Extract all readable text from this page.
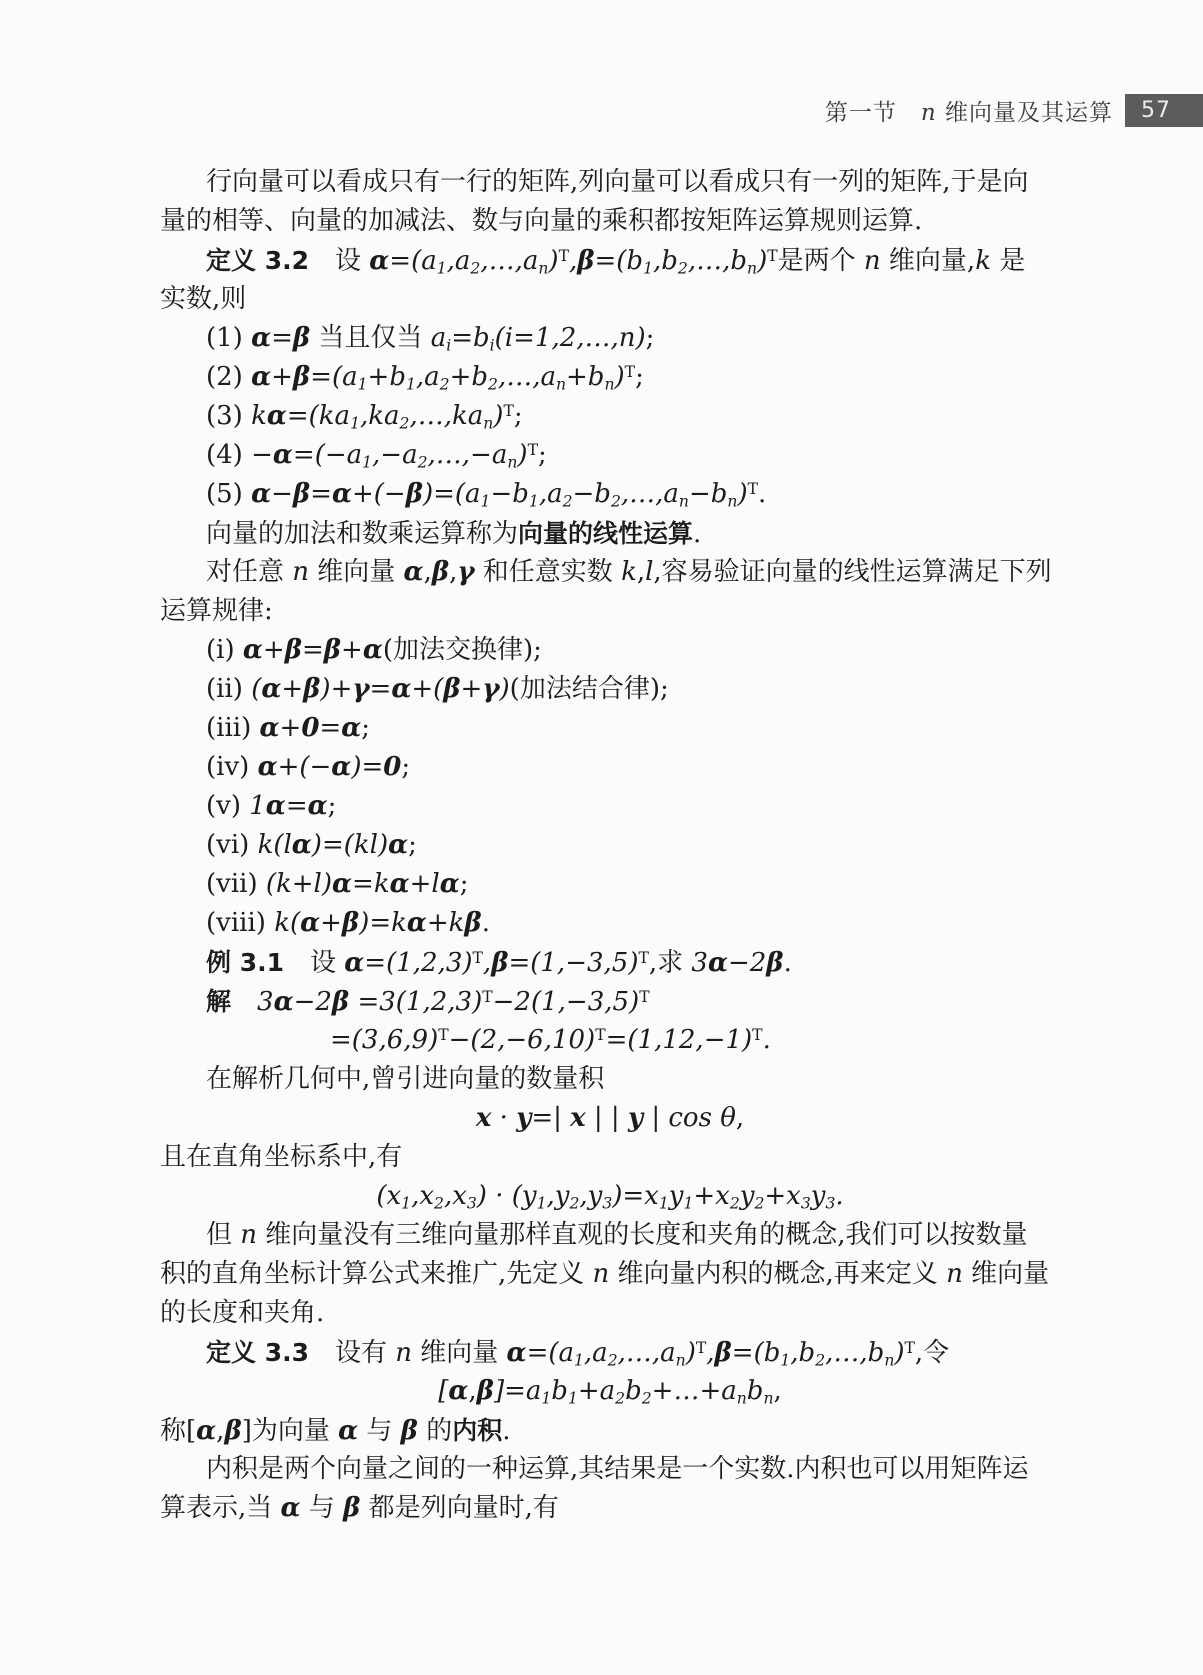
第一节　n 维向量及其运算 57
行向量可以看成只有一行的矩阵,列向量可以看成只有一列的矩阵,于是向
量的相等、向量的加减法、数与向量的乘积都按矩阵运算规则运算.
定义 3.2　设 $\alpha=(a_1,a_2,\dots,a_n)^T,\beta=(b_1,b_2,\dots,b_n)^T$是两个 n 维向量,k 是
实数,则
(1) α=β 当且仅当 $a_i=b_i(i=1,2,\dots,n)$;
(2) $\alpha+\beta=(a_1+b_1,a_2+b_2,\dots,a_n+b_n)^T$;
(3) $k\alpha=(ka_1,ka_2,\dots,ka_n)^T$;
$(4) -\alpha=(-a_1,-a_2,\dots,-a_n)^T$;
(5) $\alpha-\beta=\alpha+(-\beta)=(a_1-b_1,a_2-b_2,\dots,a_n-b_n)^T$.
向量的加法和数乘运算称为向量的线性运算.
对任意 n 维向量 α,β,γ 和任意实数 k,l,容易验证向量的线性运算满足下列
运算规律:
(i) α+β=β+α(加法交换律);
(ii) (α+β)+γ=α+(β+γ)(加法结合律);
(iii) α+0=α;
(iv) α+(−α)=0;
(v) 1α=α;
(vi) k(lα)=(kl)α;
(vii) (k+l)α=kα+lα;
(viii) k(α+β)=kα+kβ.
例 3.1　设 $\alpha=(1,2,3)^T,\beta=(1,-3,5)^T$,求 3α−2β.
解　 $3\alpha-2\beta =3(1,2,3)^T-2(1,-3,5)^T$
$=(3,6,9)^T-(2,-6,10)^T=(1,12,-1)^T$.
在解析几何中,曾引进向量的数量积
x · y=| x | | y | cos θ,
且在直角坐标系中,有
$(x_1,x_2,x_3) \cdot (y_1,y_2,y_3)=x_1y_1+x_2y_2+x_3y_3$.
但 n 维向量没有三维向量那样直观的长度和夹角的概念,我们可以按数量
积的直角坐标计算公式来推广,先定义 n 维向量内积的概念,再来定义 n 维向量
的长度和夹角.
定义 3.3　设有 n 维向量 $\alpha=(a_1,a_2,\dots,a_n)^T,\beta=(b_1,b_2,\dots,b_n)^T$,令
$[\alpha,\beta]=a_1b_1+a_2b_2+\dots+a_nb_n$,
称[α,β]为向量 α 与 β 的内积.
内积是两个向量之间的一种运算,其结果是一个实数.内积也可以用矩阵运
算表示,当 α 与 β 都是列向量时,有
